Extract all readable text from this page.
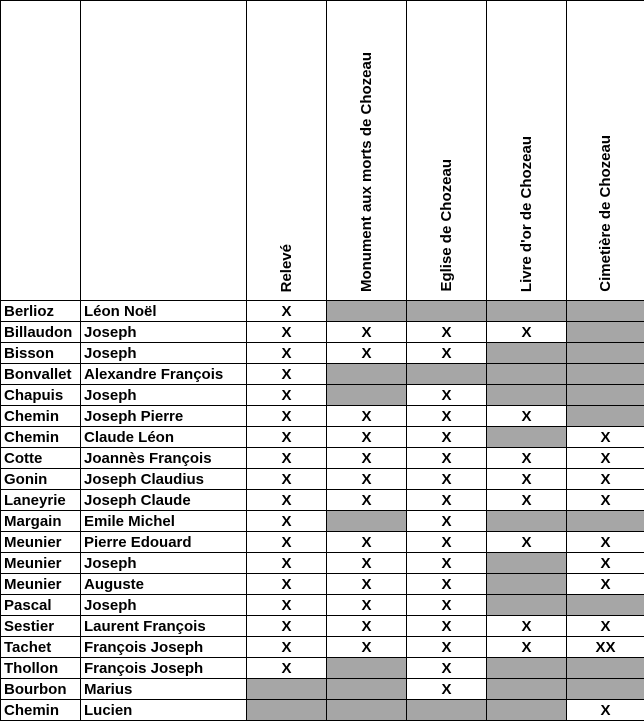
		Relevé	Monument aux morts de Chozeau	Eglise de Chozeau	Livre d'or de Chozeau	Cimetière de Chozeau
Berlioz	Léon Noël	X				
Billaudon	Joseph	X	X	X	X	
Bisson	Joseph	X	X	X		
Bonvallet	Alexandre François	X				
Chapuis	Joseph	X		X		
Chemin	Joseph Pierre	X	X	X	X	
Chemin	Claude Léon	X	X	X		X
Cotte	Joannès François	X	X	X	X	X
Gonin	Joseph Claudius	X	X	X	X	X
Laneyrie	Joseph Claude	X	X	X	X	X
Margain	Emile Michel	X		X		
Meunier	Pierre Edouard	X	X	X	X	X
Meunier	Joseph	X	X	X		X
Meunier	Auguste	X	X	X		X
Pascal	Joseph	X	X	X		
Sestier	Laurent François	X	X	X	X	X
Tachet	François Joseph	X	X	X	X	XX
Thollon	François Joseph	X		X		
Bourbon	Marius			X		
Chemin	Lucien					X
